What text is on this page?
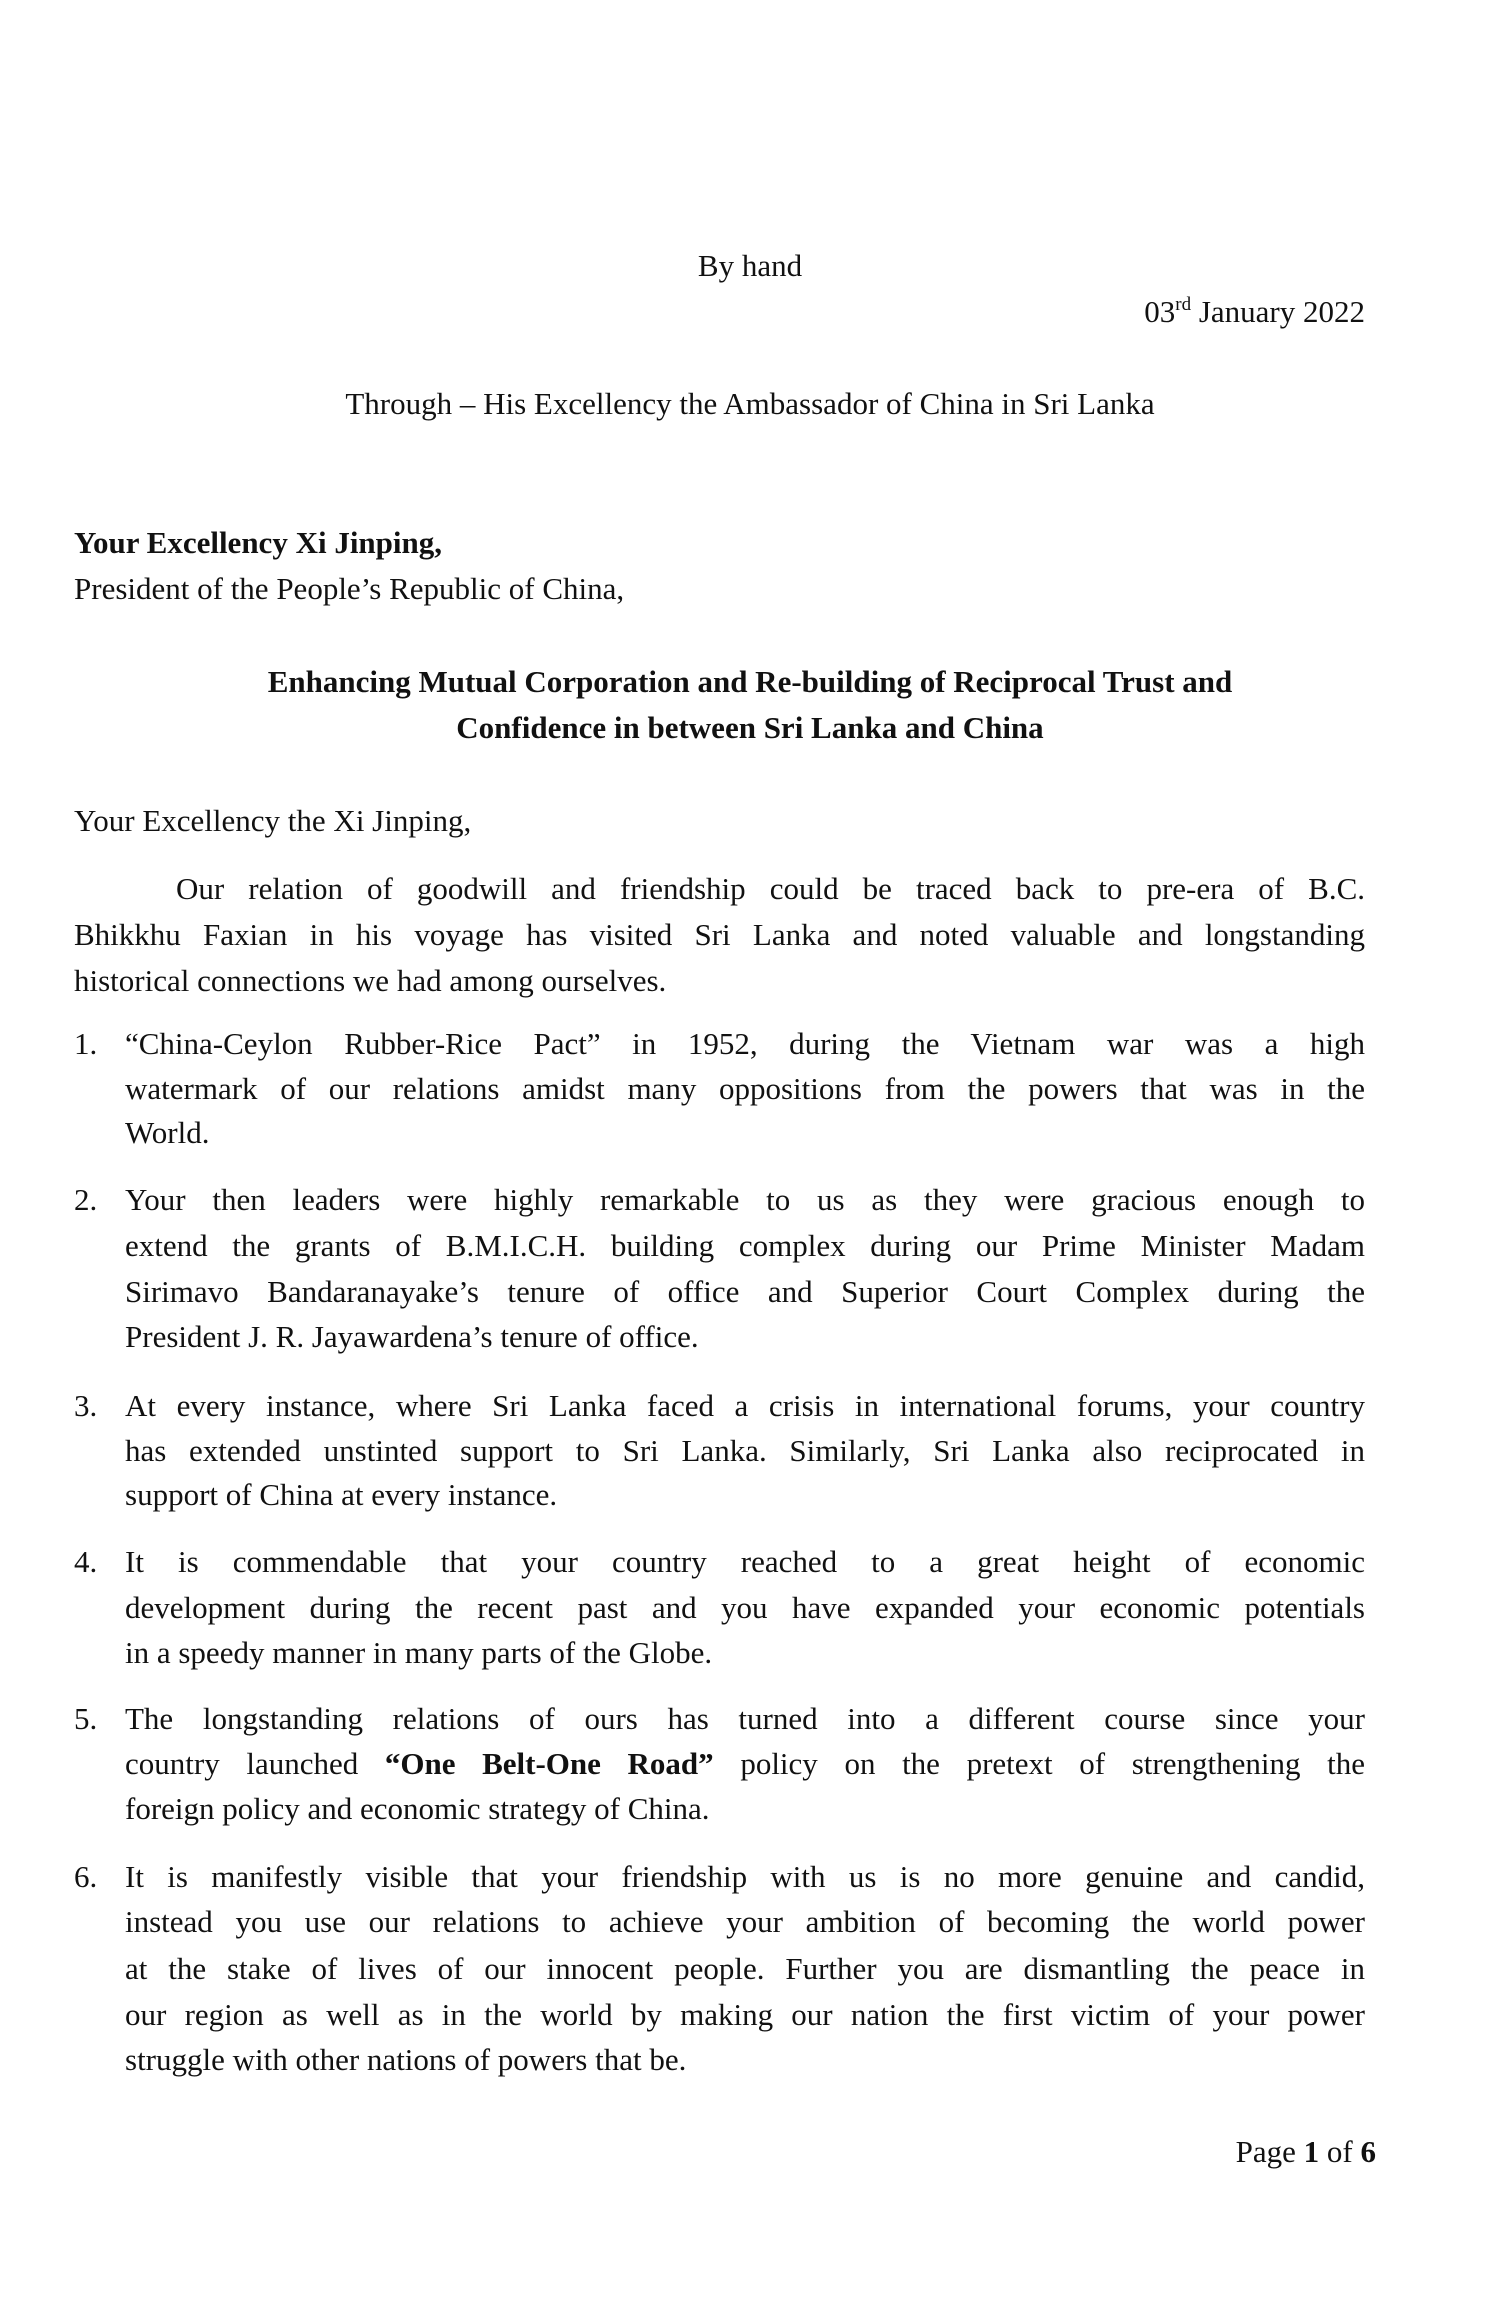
By hand
03rd January 2022
Through – His Excellency the Ambassador of China in Sri Lanka
Your Excellency Xi Jinping,
President of the People’s Republic of China,
Enhancing Mutual Corporation and Re-building of Reciprocal Trust and
Confidence in between Sri Lanka and China
Your Excellency the Xi Jinping,
Our relation of goodwill and friendship could be traced back to pre-era of B.C.
Bhikkhu Faxian in his voyage has visited Sri Lanka and noted valuable and longstanding
historical connections we had among ourselves.
1. “China-Ceylon Rubber-Rice Pact” in 1952, during the Vietnam war was a high
watermark of our relations amidst many oppositions from the powers that was in the
World.
2. Your then leaders were highly remarkable to us as they were gracious enough to
extend the grants of B.M.I.C.H. building complex during our Prime Minister Madam
Sirimavo Bandaranayake’s tenure of office and Superior Court Complex during the
President J. R. Jayawardena’s tenure of office.
3. At every instance, where Sri Lanka faced a crisis in international forums, your country
has extended unstinted support to Sri Lanka. Similarly, Sri Lanka also reciprocated in
support of China at every instance.
4. It is commendable that your country reached to a great height of economic
development during the recent past and you have expanded your economic potentials
in a speedy manner in many parts of the Globe.
5. The longstanding relations of ours has turned into a different course since your
country launched “One Belt-One Road” policy on the pretext of strengthening the
foreign policy and economic strategy of China.
6. It is manifestly visible that your friendship with us is no more genuine and candid,
instead you use our relations to achieve your ambition of becoming the world power
at the stake of lives of our innocent people. Further you are dismantling the peace in
our region as well as in the world by making our nation the first victim of your power
struggle with other nations of powers that be.
Page 1 of 6
